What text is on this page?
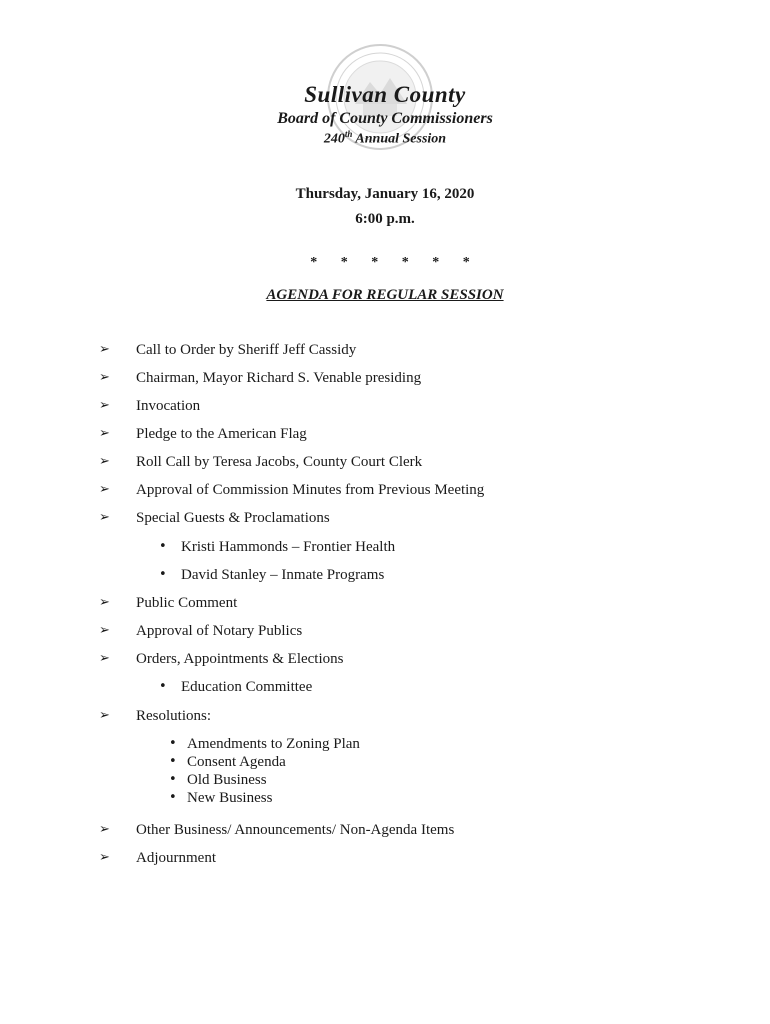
Sullivan County
Board of County Commissioners
240th Annual Session
Thursday, January 16, 2020
6:00 p.m.
* * * * * *
AGENDA FOR REGULAR SESSION
➢ Call to Order by Sheriff Jeff Cassidy
➢ Chairman, Mayor Richard S. Venable presiding
➢ Invocation
➢ Pledge to the American Flag
➢ Roll Call by Teresa Jacobs, County Court Clerk
➢ Approval of Commission Minutes from Previous Meeting
➢ Special Guests & Proclamations
• Kristi Hammonds – Frontier Health
• David Stanley – Inmate Programs
➢ Public Comment
➢ Approval of Notary Publics
➢ Orders, Appointments & Elections
• Education Committee
➢ Resolutions:
• Amendments to Zoning Plan
• Consent Agenda
• Old Business
• New Business
➢ Other Business/ Announcements/ Non-Agenda Items
➢ Adjournment
